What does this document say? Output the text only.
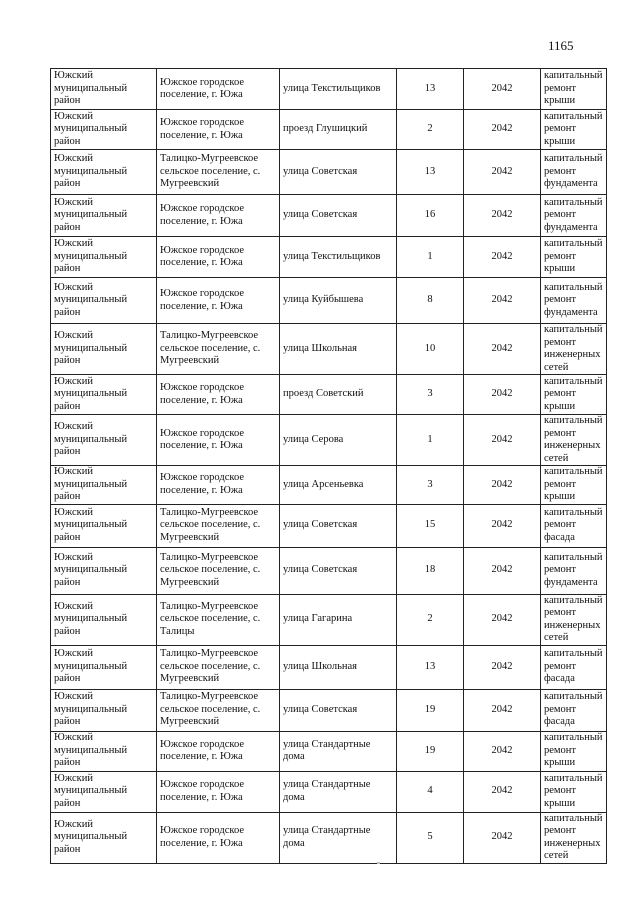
1165
Южский муниципальный район	Южское городское поселение, г. Южа	улица Текстильщиков	13	2042	капитальный ремонт крыши
Южский муниципальный район	Южское городское поселение, г. Южа	проезд Глушицкий	2	2042	капитальный ремонт крыши
Южский муниципальный район	Талицко-Мугреевское сельское поселение, с. Мугреевский	улица Советская	13	2042	капитальный ремонт фундамента
Южский муниципальный район	Южское городское поселение, г. Южа	улица Советская	16	2042	капитальный ремонт фундамента
Южский муниципальный район	Южское городское поселение, г. Южа	улица Текстильщиков	1	2042	капитальный ремонт крыши
Южский муниципальный район	Южское городское поселение, г. Южа	улица Куйбышева	8	2042	капитальный ремонт фундамента
Южский муниципальный район	Талицко-Мугреевское сельское поселение, с. Мугреевский	улица Школьная	10	2042	капитальный ремонт инженерных сетей
Южский муниципальный район	Южское городское поселение, г. Южа	проезд Советский	3	2042	капитальный ремонт крыши
Южский муниципальный район	Южское городское поселение, г. Южа	улица Серова	1	2042	капитальный ремонт инженерных сетей
Южский муниципальный район	Южское городское поселение, г. Южа	улица Арсеньевка	3	2042	капитальный ремонт крыши
Южский муниципальный район	Талицко-Мугреевское сельское поселение, с. Мугреевский	улица Советская	15	2042	капитальный ремонт фасада
Южский муниципальный район	Талицко-Мугреевское сельское поселение, с. Мугреевский	улица Советская	18	2042	капитальный ремонт фундамента
Южский муниципальный район	Талицко-Мугреевское сельское поселение, с. Талицы	улица Гагарина	2	2042	капитальный ремонт инженерных сетей
Южский муниципальный район	Талицко-Мугреевское сельское поселение, с. Мугреевский	улица Школьная	13	2042	капитальный ремонт фасада
Южский муниципальный район	Талицко-Мугреевское сельское поселение, с. Мугреевский	улица Советская	19	2042	капитальный ремонт фасада
Южский муниципальный район	Южское городское поселение, г. Южа	улица Стандартные дома	19	2042	капитальный ремонт крыши
Южский муниципальный район	Южское городское поселение, г. Южа	улица Стандартные дома	4	2042	капитальный ремонт крыши
Южский муниципальный район	Южское городское поселение, г. Южа	улица Стандартные дома	5	2042	капитальный ремонт инженерных сетей
